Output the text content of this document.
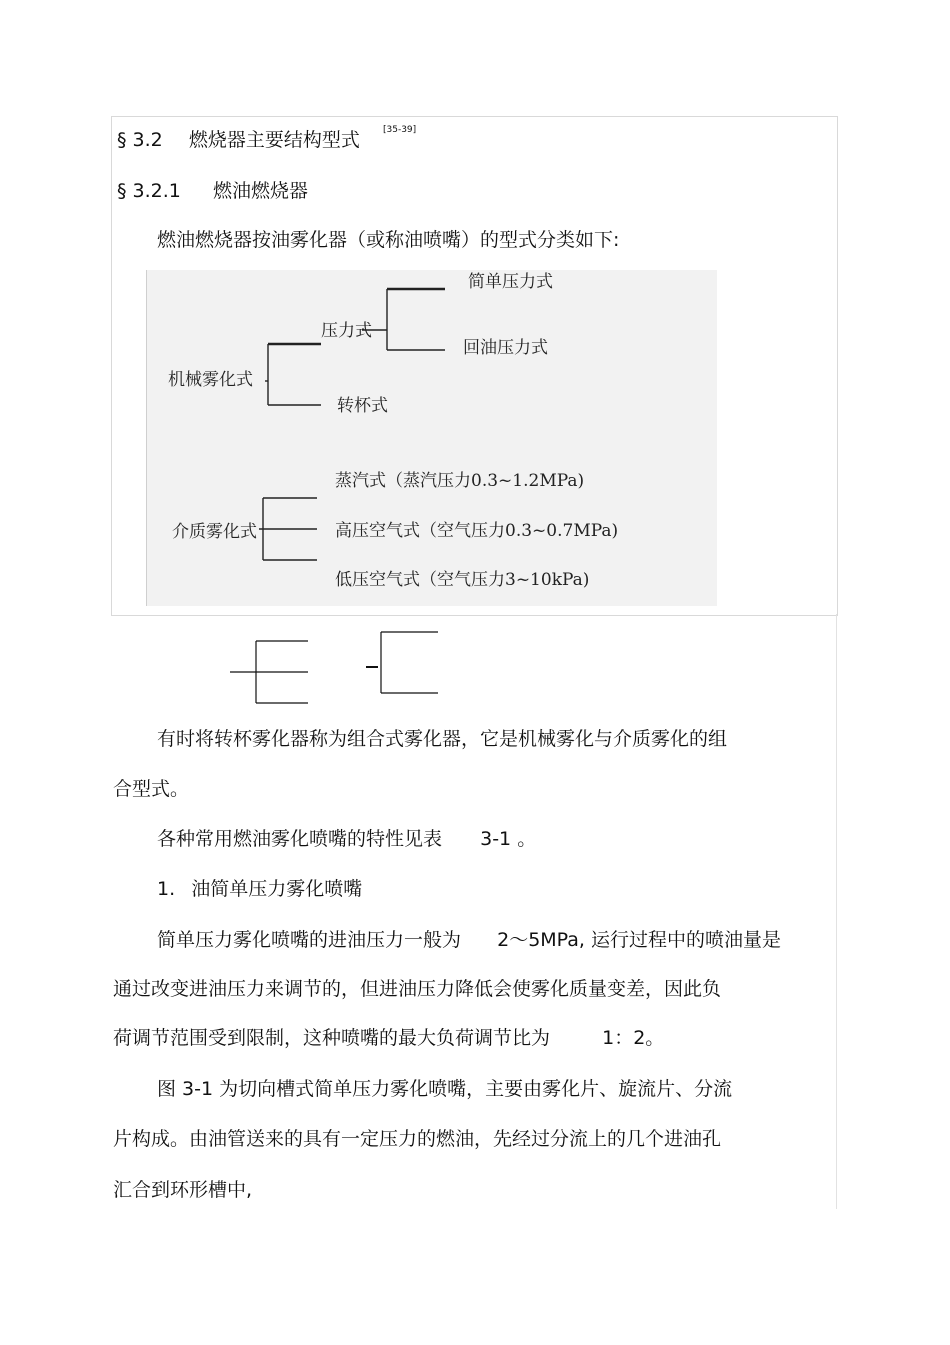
§ 3.2 燃烧器主要结构型式	[35-39]
§ 3.2.1 燃油燃烧器
燃油燃烧器按油雾化器（或称油喷嘴）的型式分类如下:
简单压力式
压力式
回油压力式
机械雾化式
转杯式
蒸汽式（蒸汽压力0.3~1.2MPa)
介质雾化式	高压空气式（空气压力0.3~0.7MPa)
低压空气式（空气压力3~10kPa)
有时将转杯雾化器称为组合式雾化器，它是机械雾化与介质雾化的组
合型式。
各种常用燃油雾化喷嘴的特性见表 3-1 。
1. 油简单压力雾化喷嘴
简单压力雾化喷嘴的进油压力一般为 2～5MPa, 运行过程中的喷油量是
通过改变进油压力来调节的，但进油压力降低会使雾化质量变差，因此负
荷调节范围受到限制，这种喷嘴的最大负荷调节比为	1：2。
图 3-1 为切向槽式简单压力雾化喷嘴，主要由雾化片、旋流片、分流
片构成。由油管送来的具有一定压力的燃油，先经过分流上的几个进油孔
汇合到环形槽中,
